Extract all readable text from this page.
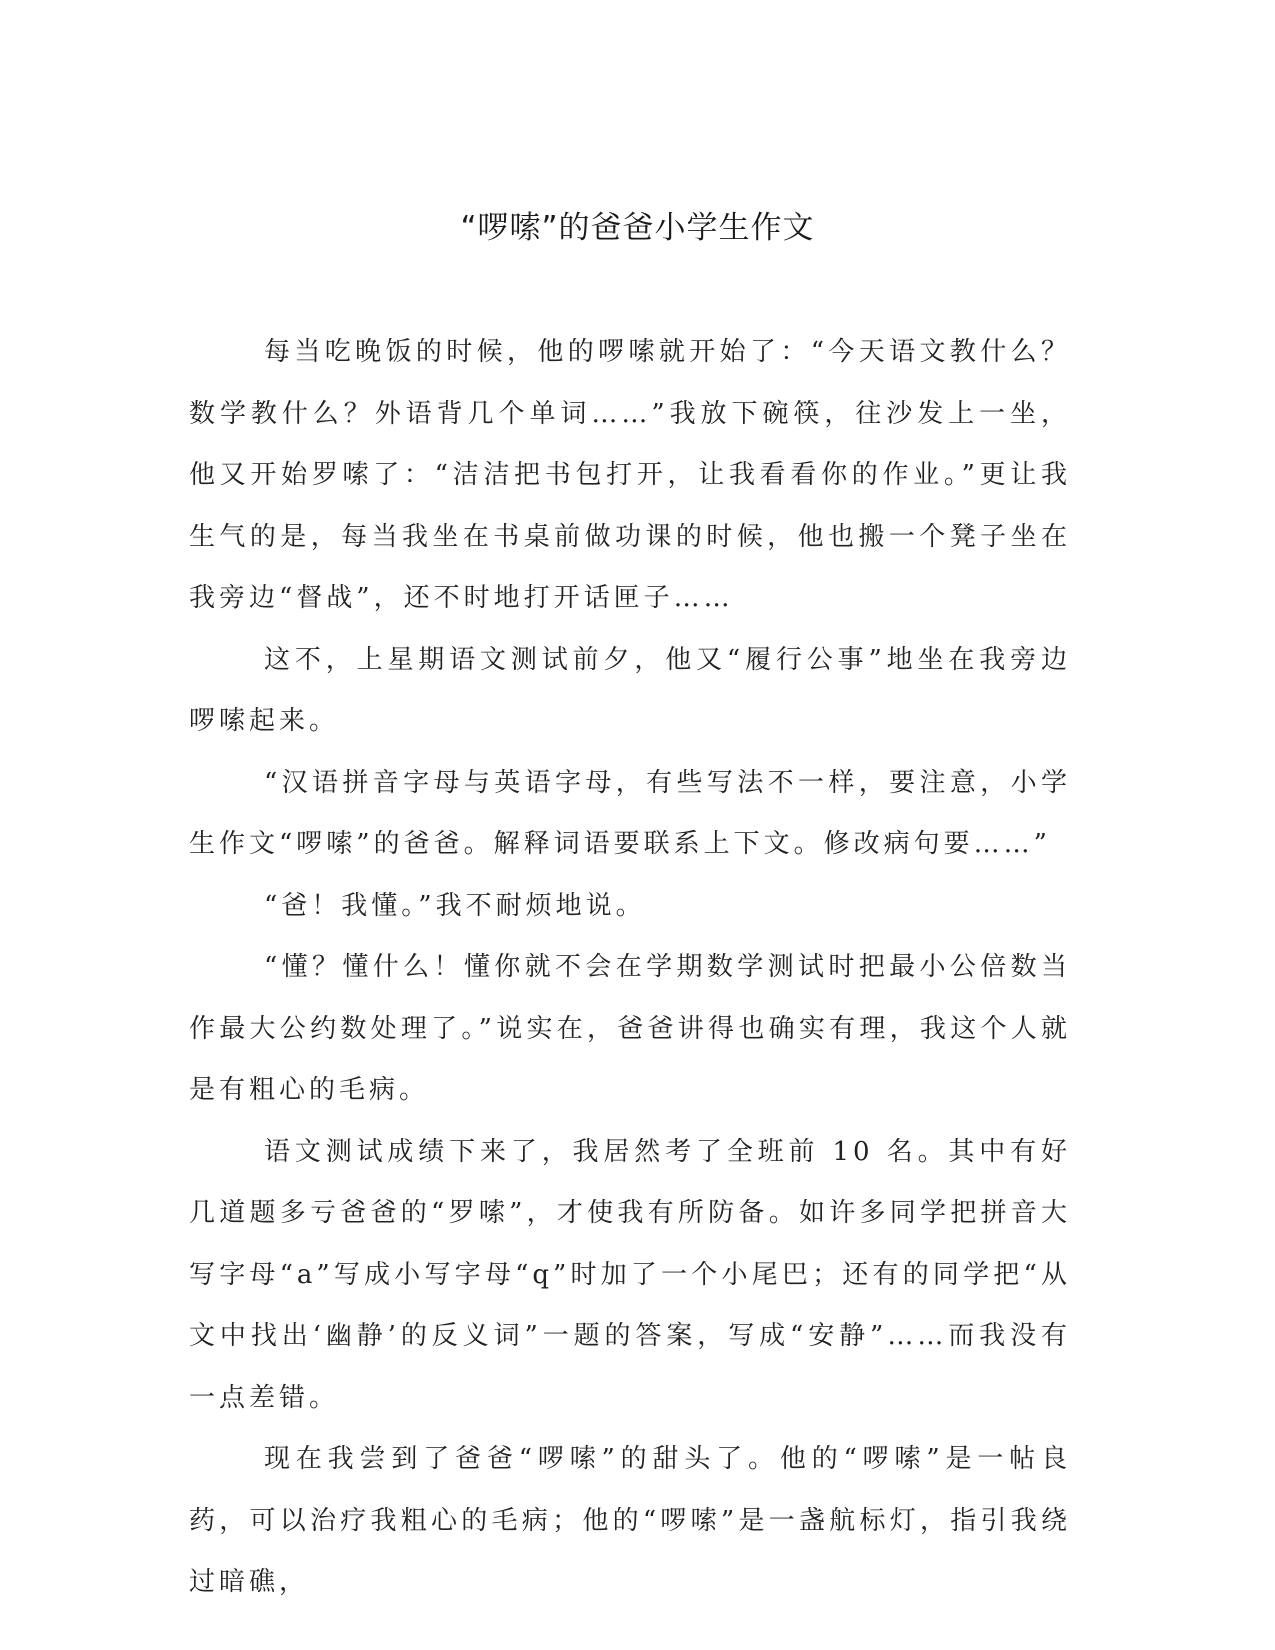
“啰嗦”的爸爸小学生作文

每当吃晚饭的时候，他的啰嗦就开始了：“今天语文教什么？数学教什么？外语背几个单词……”我放下碗筷，往沙发上一坐，他又开始罗嗦了：“洁洁把书包打开，让我看看你的作业。”更让我生气的是，每当我坐在书桌前做功课的时候，他也搬一个凳子坐在我旁边“督战”，还不时地打开话匣子……

这不，上星期语文测试前夕，他又“履行公事”地坐在我旁边啰嗦起来。

“汉语拼音字母与英语字母，有些写法不一样，要注意，小学生作文“啰嗦”的爸爸。解释词语要联系上下文。修改病句要……”

“爸！我懂。”我不耐烦地说。

“懂？懂什么！懂你就不会在学期数学测试时把最小公倍数当作最大公约数处理了。”说实在，爸爸讲得也确实有理，我这个人就是有粗心的毛病。

语文测试成绩下来了，我居然考了全班前 10 名。其中有好几道题多亏爸爸的“罗嗦”，才使我有所防备。如许多同学把拼音大写字母“a”写成小写字母“q”时加了一个小尾巴；还有的同学把“从文中找出‘幽静’的反义词”一题的答案，写成“安静”……而我没有一点差错。

现在我尝到了爸爸“啰嗦”的甜头了。他的“啰嗦”是一帖良药，可以治疗我粗心的毛病；他的“啰嗦”是一盏航标灯，指引我绕过暗礁，
